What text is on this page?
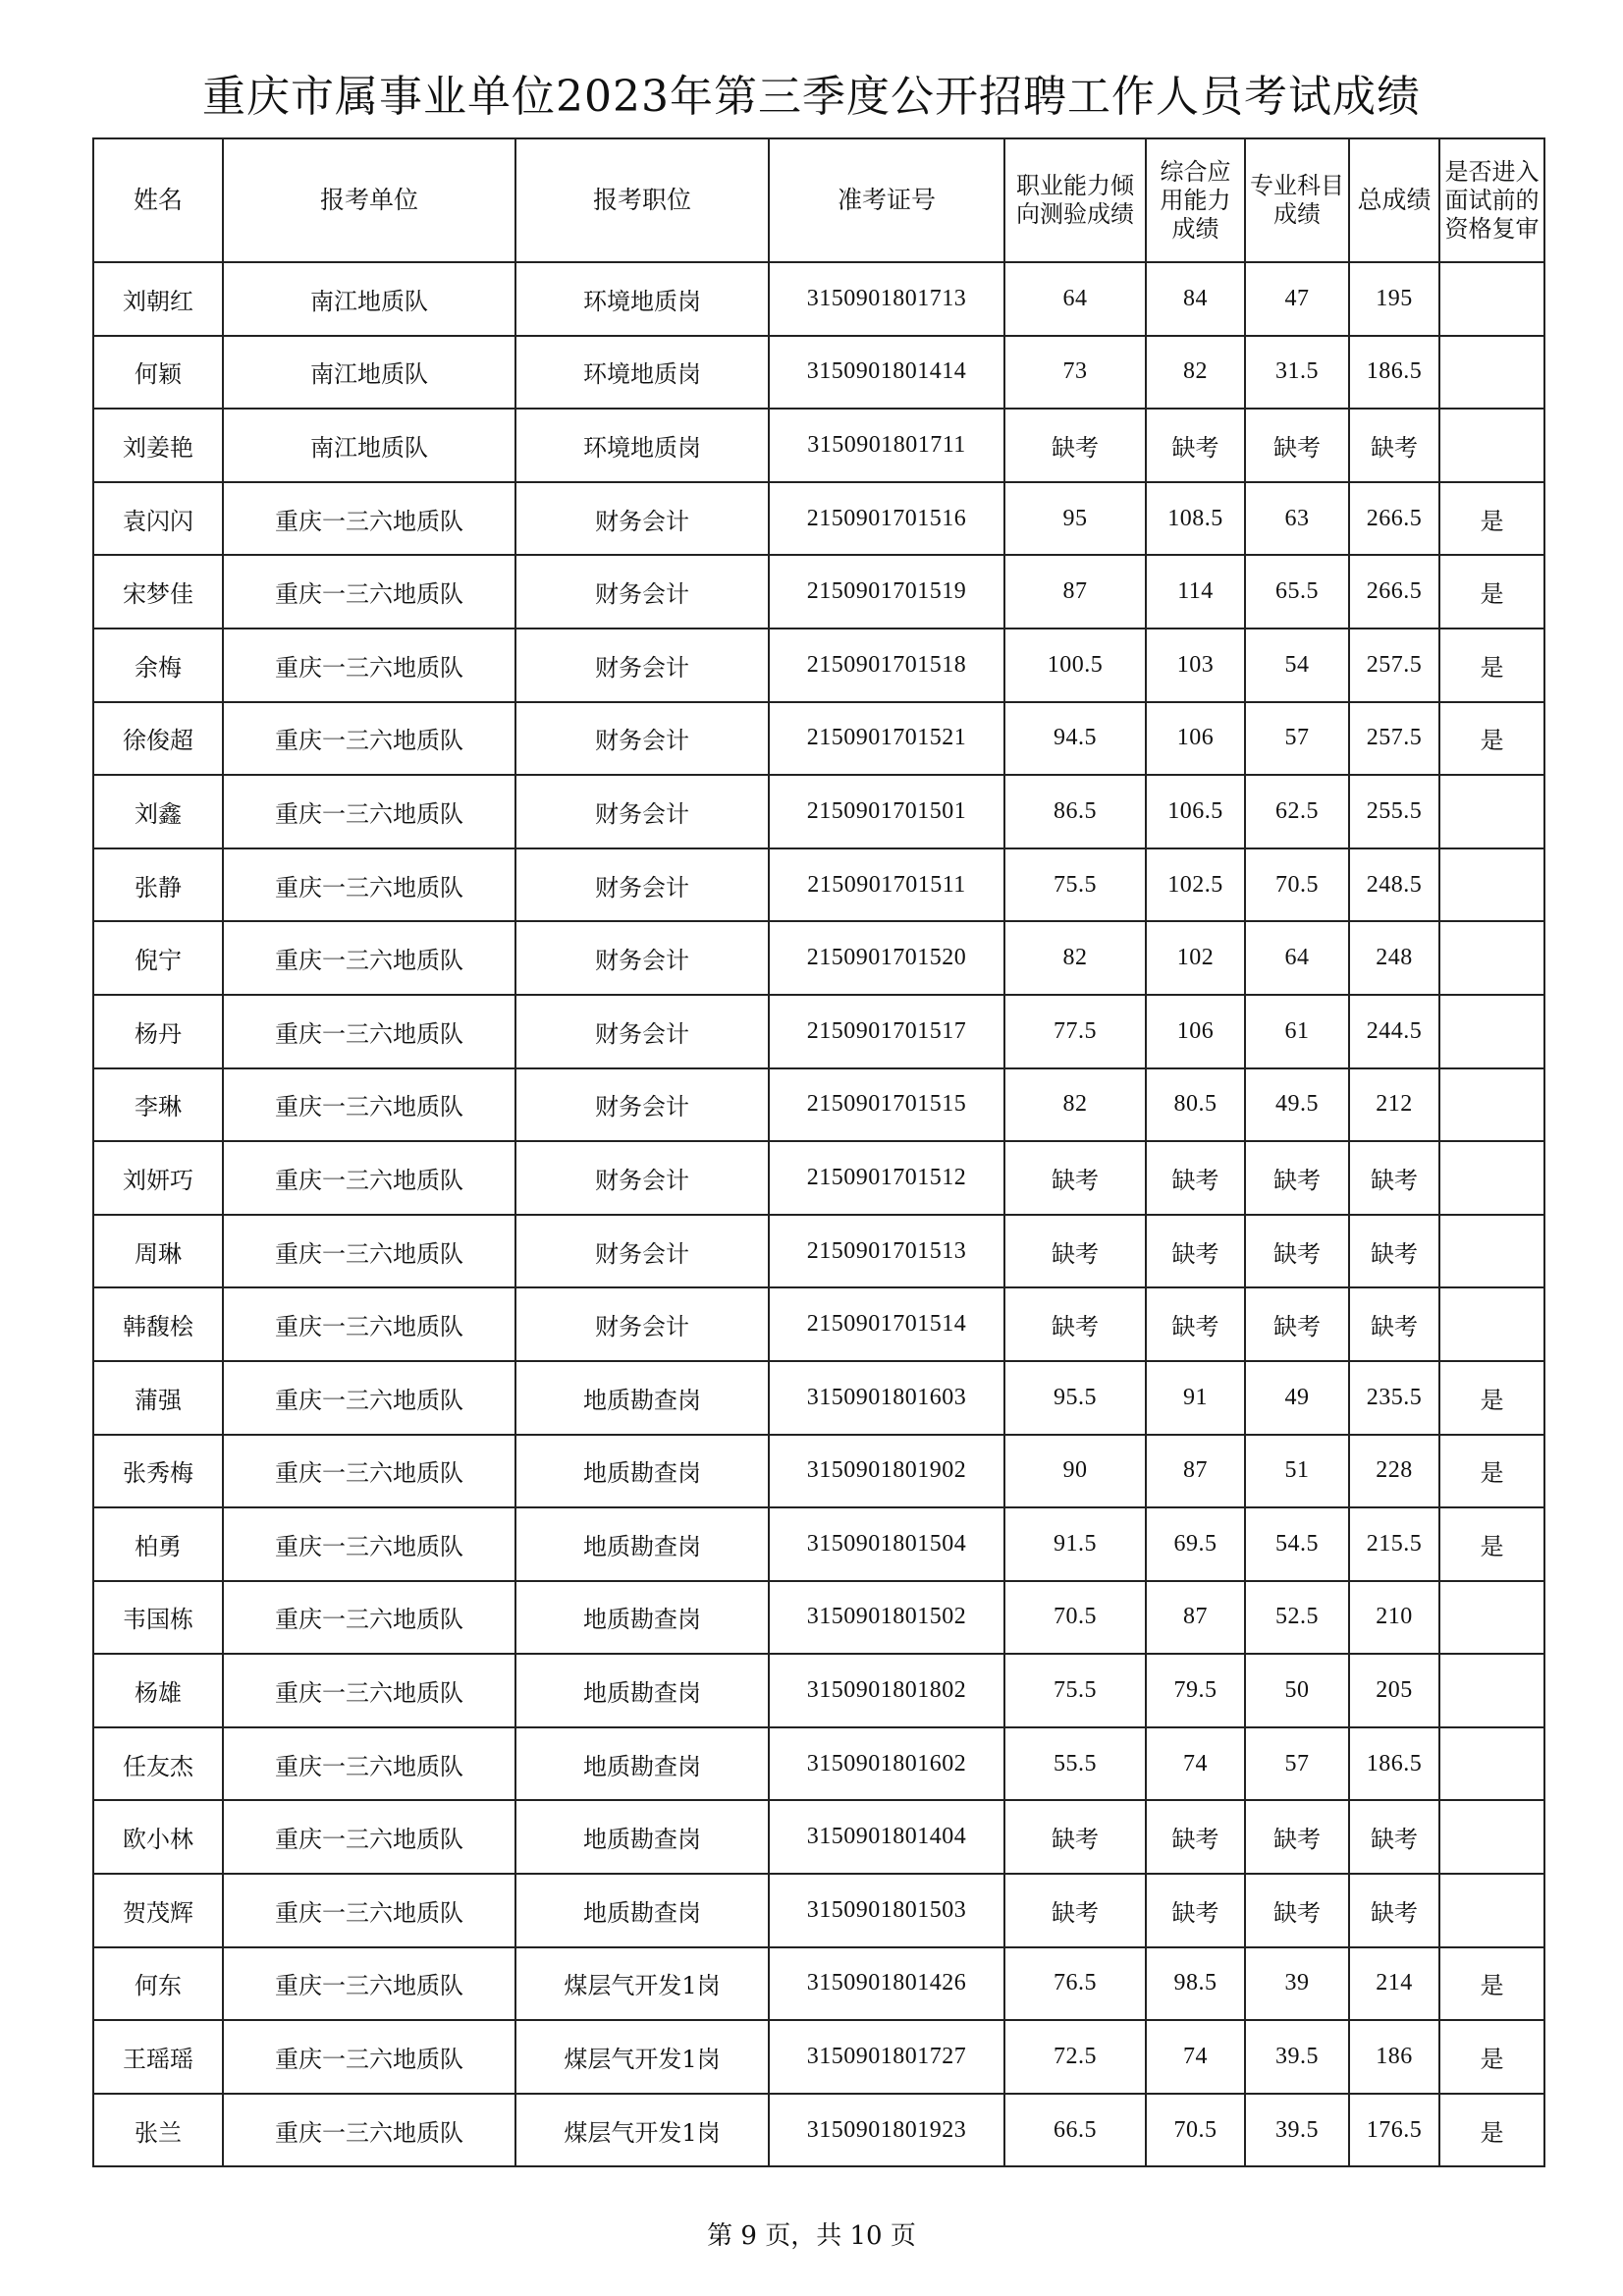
重庆市属事业单位2023年第三季度公开招聘工作人员考试成绩
姓名	报考单位	报考职位	准考证号	职业能力倾向测验成绩	综合应用能力成绩	专业科目成绩	总成绩	是否进入面试前的资格复审
刘朝红	南江地质队	环境地质岗	3150901801713	64	84	47	195	
何颖	南江地质队	环境地质岗	3150901801414	73	82	31.5	186.5	
刘姜艳	南江地质队	环境地质岗	3150901801711	缺考	缺考	缺考	缺考	
袁闪闪	重庆一三六地质队	财务会计	2150901701516	95	108.5	63	266.5	是
宋梦佳	重庆一三六地质队	财务会计	2150901701519	87	114	65.5	266.5	是
余梅	重庆一三六地质队	财务会计	2150901701518	100.5	103	54	257.5	是
徐俊超	重庆一三六地质队	财务会计	2150901701521	94.5	106	57	257.5	是
刘鑫	重庆一三六地质队	财务会计	2150901701501	86.5	106.5	62.5	255.5	
张静	重庆一三六地质队	财务会计	2150901701511	75.5	102.5	70.5	248.5	
倪宁	重庆一三六地质队	财务会计	2150901701520	82	102	64	248	
杨丹	重庆一三六地质队	财务会计	2150901701517	77.5	106	61	244.5	
李琳	重庆一三六地质队	财务会计	2150901701515	82	80.5	49.5	212	
刘妍巧	重庆一三六地质队	财务会计	2150901701512	缺考	缺考	缺考	缺考	
周琳	重庆一三六地质队	财务会计	2150901701513	缺考	缺考	缺考	缺考	
韩馥桧	重庆一三六地质队	财务会计	2150901701514	缺考	缺考	缺考	缺考	
蒲强	重庆一三六地质队	地质勘查岗	3150901801603	95.5	91	49	235.5	是
张秀梅	重庆一三六地质队	地质勘查岗	3150901801902	90	87	51	228	是
柏勇	重庆一三六地质队	地质勘查岗	3150901801504	91.5	69.5	54.5	215.5	是
韦国栋	重庆一三六地质队	地质勘查岗	3150901801502	70.5	87	52.5	210	
杨雄	重庆一三六地质队	地质勘查岗	3150901801802	75.5	79.5	50	205	
任友杰	重庆一三六地质队	地质勘查岗	3150901801602	55.5	74	57	186.5	
欧小林	重庆一三六地质队	地质勘查岗	3150901801404	缺考	缺考	缺考	缺考	
贺茂辉	重庆一三六地质队	地质勘查岗	3150901801503	缺考	缺考	缺考	缺考	
何东	重庆一三六地质队	煤层气开发1岗	3150901801426	76.5	98.5	39	214	是
王瑶瑶	重庆一三六地质队	煤层气开发1岗	3150901801727	72.5	74	39.5	186	是
张兰	重庆一三六地质队	煤层气开发1岗	3150901801923	66.5	70.5	39.5	176.5	是
第 9 页，共 10 页
